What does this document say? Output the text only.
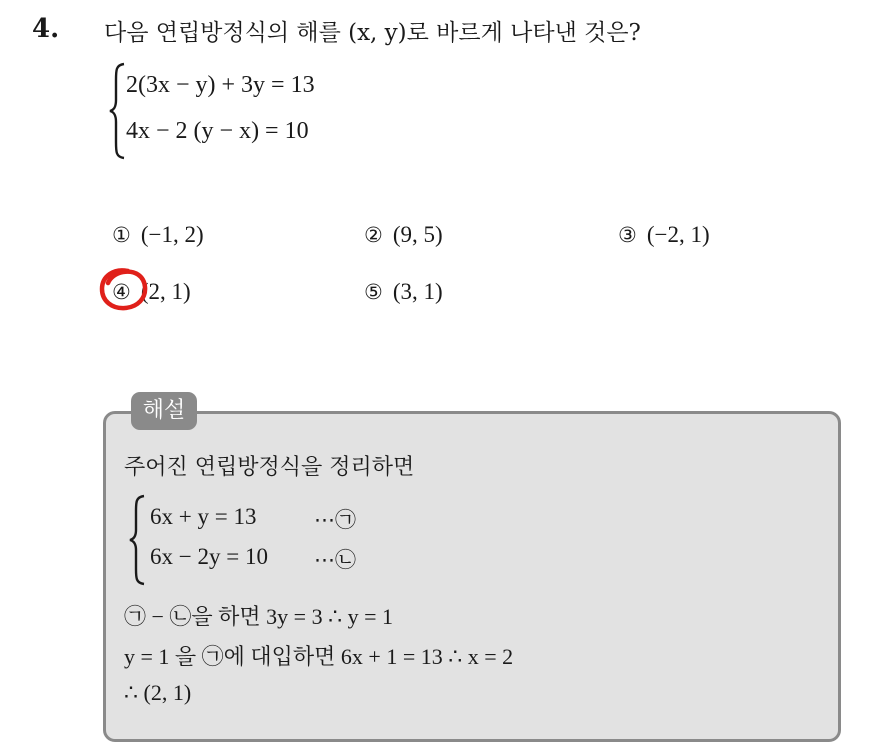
4. 다음 연립방정식의 해를 (x, y)로 바르게 나타낸 것은?
2(3x − y) + 3y = 13
4x − 2 (y − x) = 10
① (−1, 2)	② (9, 5)	③ (−2, 1)
④ (2, 1)	⑤ (3, 1)
해설
주어진 연립방정식을 정리하면
6x + y = 13	⋯㉠
6x − 2y = 10 ⋯㉡
㉠ − ㉡을 하면 3y = 3 ∴ y = 1
y = 1 을 ㉠에 대입하면 6x + 1 = 13 ∴ x = 2
∴ (2, 1)
